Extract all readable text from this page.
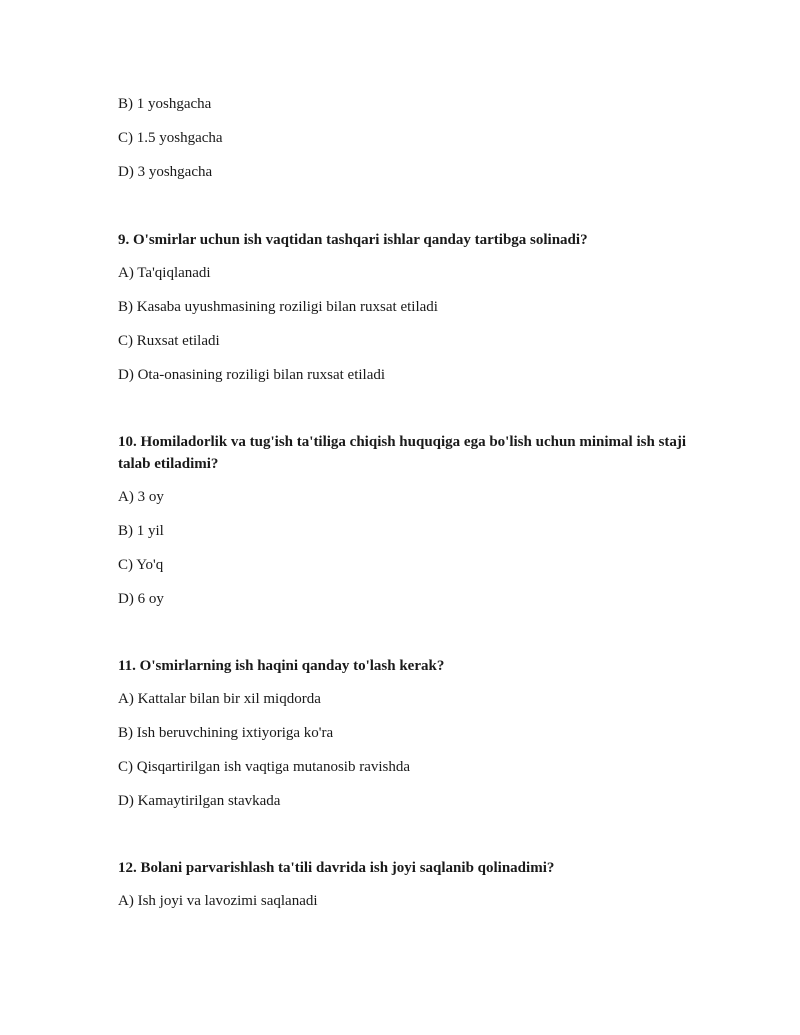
B) 1 yoshgacha
C) 1.5 yoshgacha
D) 3 yoshgacha
9. O'smirlar uchun ish vaqtidan tashqari ishlar qanday tartibga solinadi?
A) Ta'qiqlanadi
B) Kasaba uyushmasining roziligi bilan ruxsat etiladi
C) Ruxsat etiladi
D) Ota-onasining roziligi bilan ruxsat etiladi
10. Homiladorlik va tug'ish ta'tiliga chiqish huquqiga ega bo'lish uchun minimal ish staji talab etiladimi?
A) 3 oy
B) 1 yil
C) Yo'q
D) 6 oy
11. O'smirlarning ish haqini qanday to'lash kerak?
A) Kattalar bilan bir xil miqdorda
B) Ish beruvchining ixtiyoriga ko'ra
C) Qisqartirilgan ish vaqtiga mutanosib ravishda
D) Kamaytirilgan stavkada
12. Bolani parvarishlash ta'tili davrida ish joyi saqlanib qolinadimi?
A) Ish joyi va lavozimi saqlanadi
